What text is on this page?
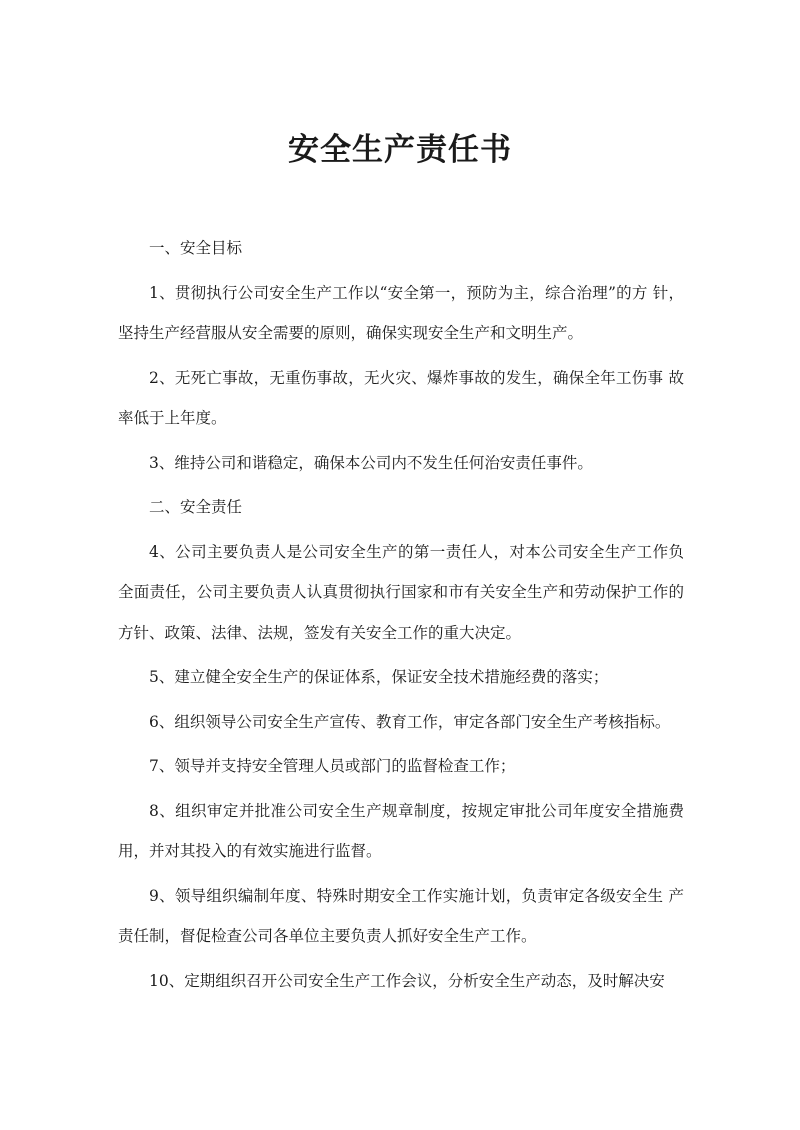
安全生产责任书

一、安全目标

1、贯彻执行公司安全生产工作以“安全第一，预防为主，综合治理”的方 针，坚持生产经营服从安全需要的原则，确保实现安全生产和文明生产。

2、无死亡事故，无重伤事故，无火灾、爆炸事故的发生，确保全年工伤事 故率低于上年度。

3、维持公司和谐稳定，确保本公司内不发生任何治安责任事件。

二、安全责任

4、公司主要负责人是公司安全生产的第一责任人，对本公司安全生产工作负全面责任，公司主要负责人认真贯彻执行国家和市有关安全生产和劳动保护工作的方针、政策、法律、法规，签发有关安全工作的重大决定。

5、建立健全安全生产的保证体系，保证安全技术措施经费的落实；

6、组织领导公司安全生产宣传、教育工作，审定各部门安全生产考核指标。

7、领导并支持安全管理人员或部门的监督检查工作；

8、组织审定并批准公司安全生产规章制度，按规定审批公司年度安全措施费用，并对其投入的有效实施进行监督。

9、领导组织编制年度、特殊时期安全工作实施计划，负责审定各级安全生 产责任制，督促检查公司各单位主要负责人抓好安全生产工作。

10、定期组织召开公司安全生产工作会议，分析安全生产动态，及时解决安
